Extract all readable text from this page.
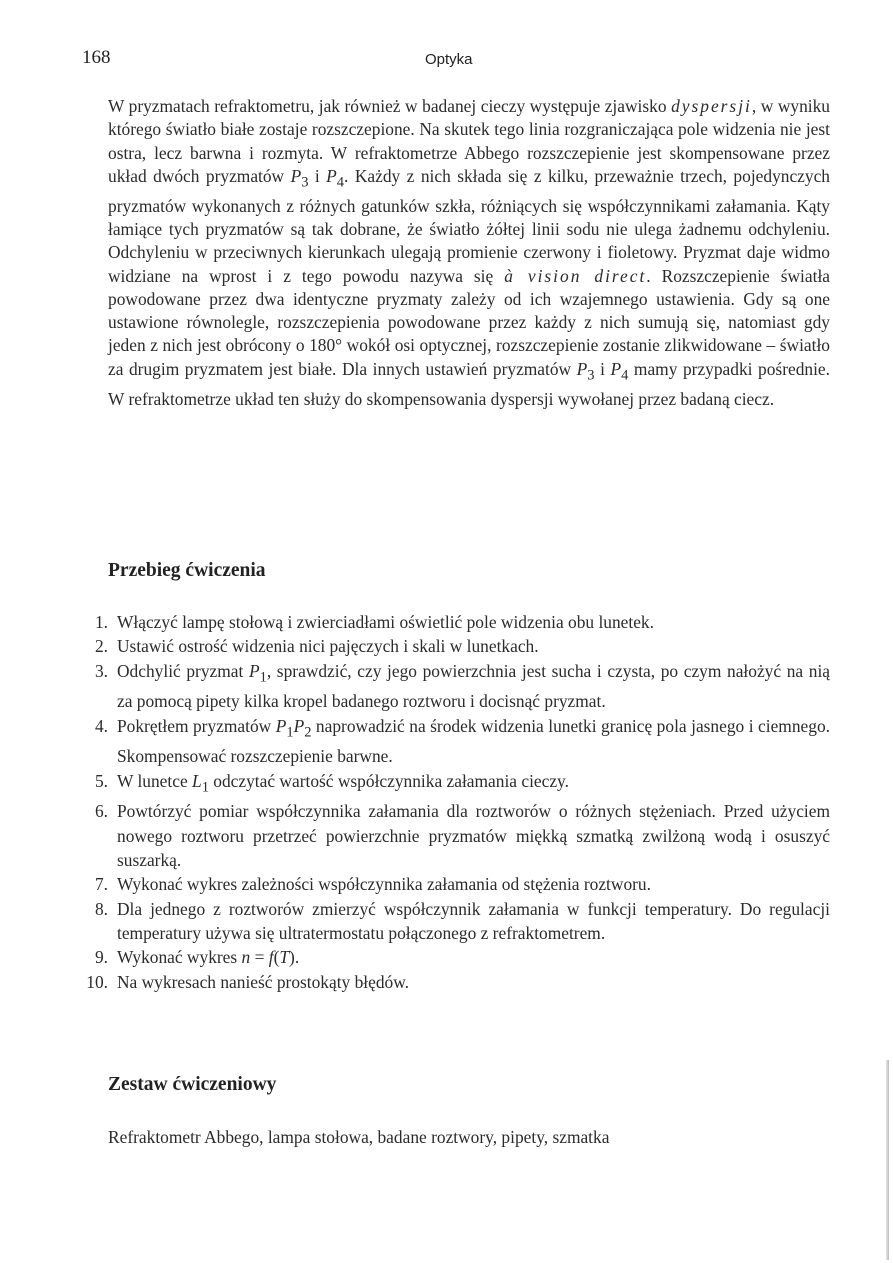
168	Optyka

W pryzmatach refraktometru, jak również w badanej cieczy występuje zjawisko dyspersji, w wyniku którego światło białe zostaje rozszczepione. Na skutek tego linia rozgraniczająca pole widzenia nie jest ostra, lecz barwna i rozmyta. W refraktometrze Abbego rozszczepienie jest skompensowane przez układ dwóch pryzmatów $P_3$ i $P_4$. Każdy z nich składa się z kilku, przeważnie trzech, pojedynczych pryzmatów wykonanych z różnych gatunków szkła, różniących się współczynnikami załamania. Kąty łamiące tych pryzmatów są tak dobrane, że światło żółtej linii sodu nie ulega żadnemu odchyleniu. Odchyleniu w przeciwnych kierunkach ulegają promienie czerwony i fioletowy. Pryzmat daje widmo widziane na wprost i z tego powodu nazywa się à vision direct. Rozszczepienie światła powodowane przez dwa identyczne pryzmaty zależy od ich wzajemnego ustawienia. Gdy są one ustawione równolegle, rozszczepienia powodowane przez każdy z nich sumują się, natomiast gdy jeden z nich jest obrócony o 180° wokół osi optycznej, rozszczepienie zostanie zlikwidowane – światło za drugim pryzmatem jest białe. Dla innych ustawień pryzmatów $P_3$ i $P_4$ mamy przypadki pośrednie. W refraktometrze układ ten służy do skompensowania dyspersji wywołanej przez badaną ciecz.

Przebieg ćwiczenia
1. Włączyć lampę stołową i zwierciadłami oświetlić pole widzenia obu lunetek.
2. Ustawić ostrość widzenia nici pajęczych i skali w lunetkach.
3. Odchylić pryzmat $P_1$, sprawdzić, czy jego powierzchnia jest sucha i czysta, po czym nałożyć na nią za pomocą pipety kilka kropel badanego roztworu i docisnąć pryzmat.
4. Pokrętłem pryzmatów $P_1P_2$ naprowadzić na środek widzenia lunetki granicę pola jasnego i ciemnego. Skompensować rozszczepienie barwne.
5. W lunetce $L_1$ odczytać wartość współczynnika załamania cieczy.
6. Powtórzyć pomiar współczynnika załamania dla roztworów o różnych stężeniach. Przed użyciem nowego roztworu przetrzeć powierzchnie pryzmatów miękką szmatką zwilżoną wodą i osuszyć suszarką.
7. Wykonać wykres zależności współczynnika załamania od stężenia roztworu.
8. Dla jednego z roztworów zmierzyć współczynnik załamania w funkcji temperatury. Do regulacji temperatury używa się ultratermostatu połączonego z refraktometrem.
9. Wykonać wykres n = f(T).
10. Na wykresach nanieść prostokąty błędów.
Zestaw ćwiczeniowy

Refraktometr Abbego, lampa stołowa, badane roztwory, pipety, szmatka
